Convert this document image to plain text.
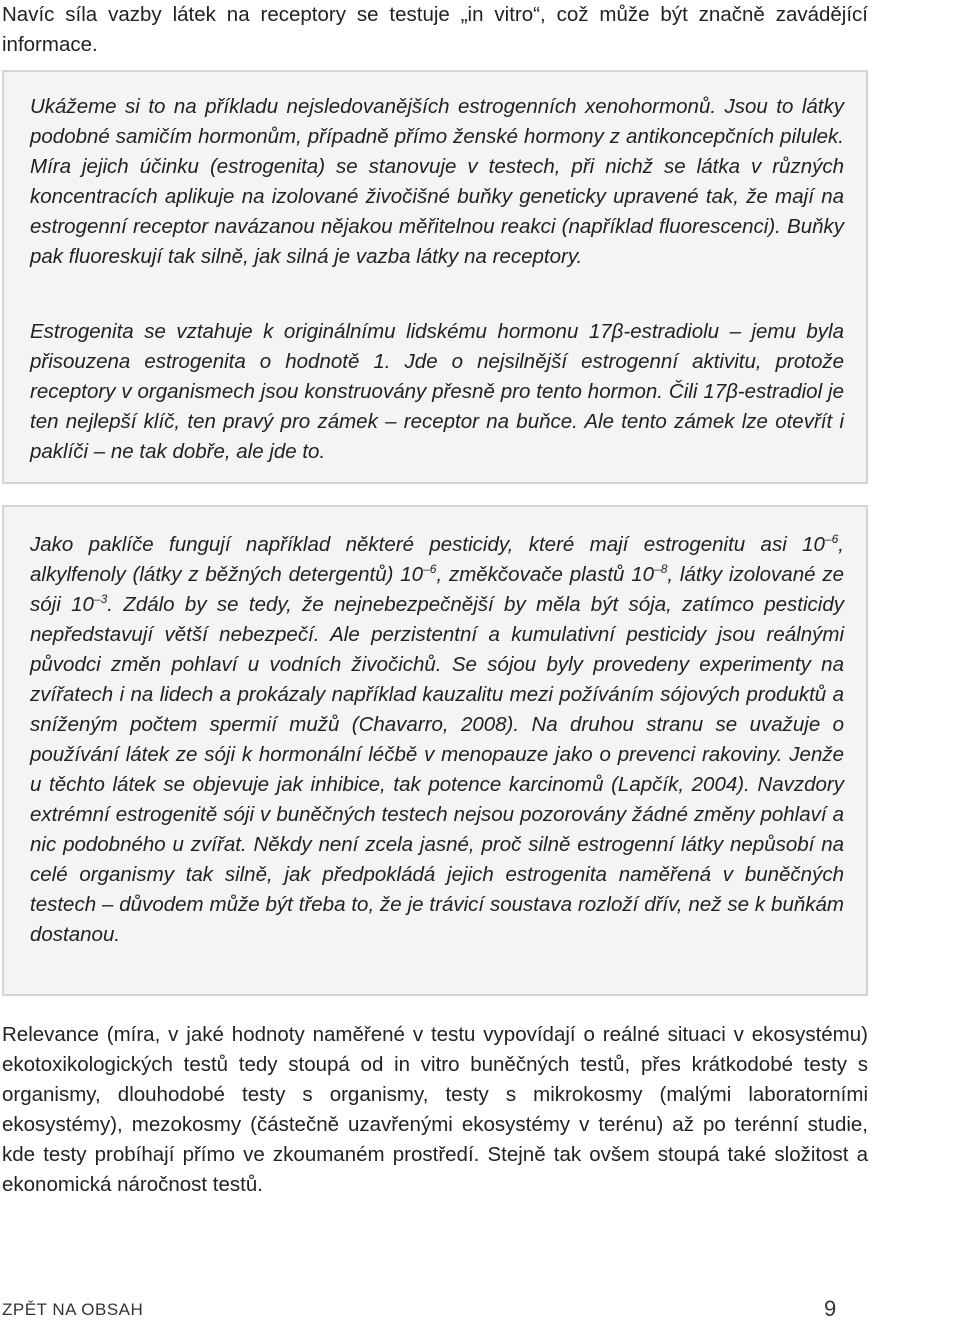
Navíc síla vazby látek na receptory se testuje „in vitro“, což může být značně zavádějící informace.

Ukážeme si to na příkladu nejsledovanějších estrogenních xenohormonů. Jsou to látky podobné samičím hormonům, případně přímo ženské hormony z antikoncepčních pilulek. Míra jejich účinku (estrogenita) se stanovuje v testech, při nichž se látka v různých koncentracích aplikuje na izolované živočišné buňky geneticky upravené tak, že mají na estrogenní receptor navázanou nějakou měřitelnou reakci (například fluorescenci). Buňky pak fluoreskují tak silně, jak silná je vazba látky na receptory.

Estrogenita se vztahuje k originálnímu lidskému hormonu 17β-estradiolu – jemu byla přisouzena estrogenita o hodnotě 1. Jde o nejsilnější estrogenní aktivitu, protože receptory v organismech jsou konstruovány přesně pro tento hormon. Čili 17β-estradiol je ten nejlepší klíč, ten pravý pro zámek – receptor na buňce. Ale tento zámek lze otevřít i paklíči – ne tak dobře, ale jde to.

Jako paklíče fungují například některé pesticidy, které mají estrogenitu asi $10^{-6}$, alkylfenoly (látky z běžných detergentů) $10^{-6}$, změkčovače plastů $10^{-8}$, látky izolované ze sóji $10^{-3}$. Zdálo by se tedy, že nejnebezpečnější by měla být sója, zatímco pesticidy nepředstavují větší nebezpečí. Ale perzistentní a kumulativní pesticidy jsou reálnými původci změn pohlaví u vodních živočichů. Se sójou byly provedeny experimenty na zvířatech i na lidech a prokázaly například kauzalitu mezi požíváním sójových produktů a sníženým počtem spermií mužů (Chavarro, 2008). Na druhou stranu se uvažuje o používání látek ze sóji k hormonální léčbě v menopauze jako o prevenci rakoviny. Jenže u těchto látek se objevuje jak inhibice, tak potence karcinomů (Lapčík, 2004). Navzdory extrémní estrogenitě sóji v buněčných testech nejsou pozorovány žádné změny pohlaví a nic podobného u zvířat. Někdy není zcela jasné, proč silně estrogenní látky nepůsobí na celé organismy tak silně, jak předpokládá jejich estrogenita naměřená v buněčných testech – důvodem může být třeba to, že je trávicí soustava rozloží dřív, než se k buňkám dostanou.

Relevance (míra, v jaké hodnoty naměřené v testu vypovídají o reálné situaci v ekosystému) ekotoxikologických testů tedy stoupá od in vitro buněčných testů, přes krátkodobé testy s organismy, dlouhodobé testy s organismy, testy s mikrokosmy (malými laboratorními ekosystémy), mezokosmy (částečně uzavřenými ekosystémy v terénu) až po terénní studie, kde testy probíhají přímo ve zkoumaném prostředí. Stejně tak ovšem stoupá také složitost a ekonomická náročnost testů.

ZPĚT NA OBSAH	9
